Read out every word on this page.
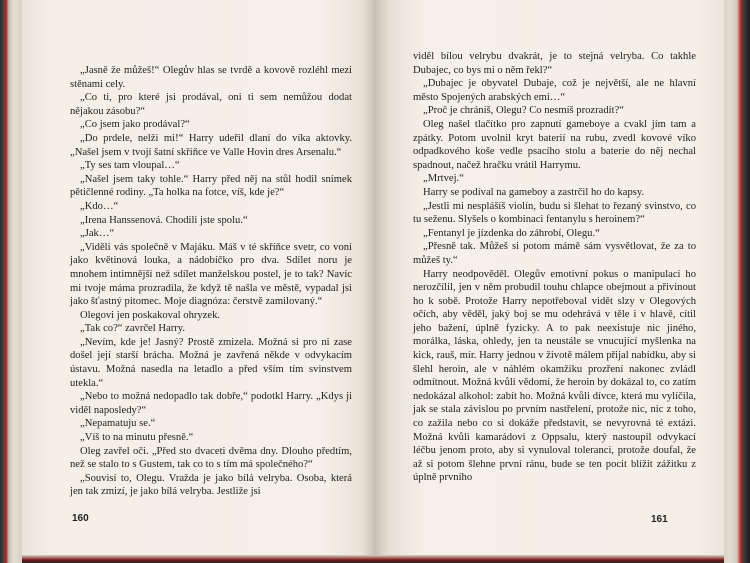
„Jasně že můžeš!“ Olegův hlas se tvrdě a kovově rozléhl mezi stěnami cely.

„Co ti, pro které jsi prodával, oni ti sem nemůžou dodat nějakou zásobu?“

„Co jsem jako prodával?“

„Do prdele, nelži mi!“ Harry udeřil dlaní do víka aktovky. „Našel jsem v tvojí šatní skříňce ve Valle Hovin dres Arsenalu.“

„Ty ses tam vloupal…“

„Našel jsem taky tohle.“ Harry před něj na stůl hodil snímek pětičlenné rodiny. „Ta holka na fotce, víš, kde je?“

„Kdo…“

„Irena Hanssenová. Chodili jste spolu.“

„Jak…“

„Viděli vás společně v Majáku. Máš v té skříňce svetr, co voní jako květinová louka, a nádobíčko pro dva. Sdílet noru je mnohem intimnější než sdílet manželskou postel, je to tak? Navíc mi tvoje máma prozradila, že když tě našla ve městě, vypadal jsi jako šťastný pitomec. Moje diagnóza: čerstvě zamilovaný.“

Olegovi jen poskakoval ohryzek.

„Tak co?“ zavrčel Harry.

„Nevím, kde je! Jasný? Prostě zmizela. Možná si pro ni zase došel její starší brácha. Možná je zavřená někde v odvykacím ústavu. Možná nasedla na letadlo a před vším tím svinstvem utekla.“

„Nebo to možná nedopadlo tak dobře,“ podotkl Harry. „Kdys ji viděl naposledy?“

„Nepamatuju se.“

„Víš to na minutu přesně.“

Oleg zavřel oči. „Před sto dvaceti dvěma dny. Dlouho předtím, než se stalo to s Gustem, tak co to s tím má společného?“

„Souvisí to, Olegu. Vražda je jako bílá velryba. Osoba, která jen tak zmizí, je jako bílá velryba. Jestliže jsi

160

viděl bílou velrybu dvakrát, je to stejná velryba. Co takhle Dubajec, co bys mi o něm řekl?“

„Dubajec je obyvatel Dubaje, což je největší, ale ne hlavní město Spojených arabských emi…“

„Proč je chráníš, Olegu? Co nesmíš prozradit?“

Oleg našel tlačítko pro zapnutí gameboye a cvakl jím tam a zpátky. Potom uvolnil kryt baterií na rubu, zvedl kovové víko odpadkového koše vedle psacího stolu a baterie do něj nechal spadnout, načež hračku vrátil Harrymu.

„Mrtvej.“

Harry se podíval na gameboy a zastrčil ho do kapsy.

„Jestli mi nesplášíš violín, budu si šlehat to řezaný svinstvo, co tu seženu. Slyšels o kombinaci fentanylu s heroinem?“

„Fentanyl je jízdenka do záhrobí, Olegu.“

„Přesně tak. Můžeš si potom mámě sám vysvětlovat, že za to můžeš ty.“

Harry neodpověděl. Olegův emotivní pokus o manipulaci ho nerozčílil, jen v něm probudil touhu chlapce obejmout a přivinout ho k sobě. Protože Harry nepotřeboval vidět slzy v Olegových očích, aby věděl, jaký boj se mu odehrává v těle i v hlavě, cítil jeho bažení, úplně fyzicky. A to pak neexistuje nic jiného, morálka, láska, ohledy, jen ta neustále se vnucující myšlenka na kick, rauš, mír. Harry jednou v životě málem přijal nabídku, aby si šlehl heroin, ale v náhlém okamžiku prozření nakonec zvládl odmítnout. Možná kvůli vědomí, že heroin by dokázal to, co zatím nedokázal alkohol: zabít ho. Možná kvůli dívce, která mu vylíčila, jak se stala závislou po prvním nastřelení, protože nic, nic z toho, co zažila nebo co si dokáže představit, se nevyrovná té extázi. Možná kvůli kamarádovi z Oppsalu, který nastoupil odvykací léčbu jenom proto, aby si vynuloval toleranci, protože doufal, že až si potom šlehne první ránu, bude se ten pocit blížit zážitku z úplně prvního

161
